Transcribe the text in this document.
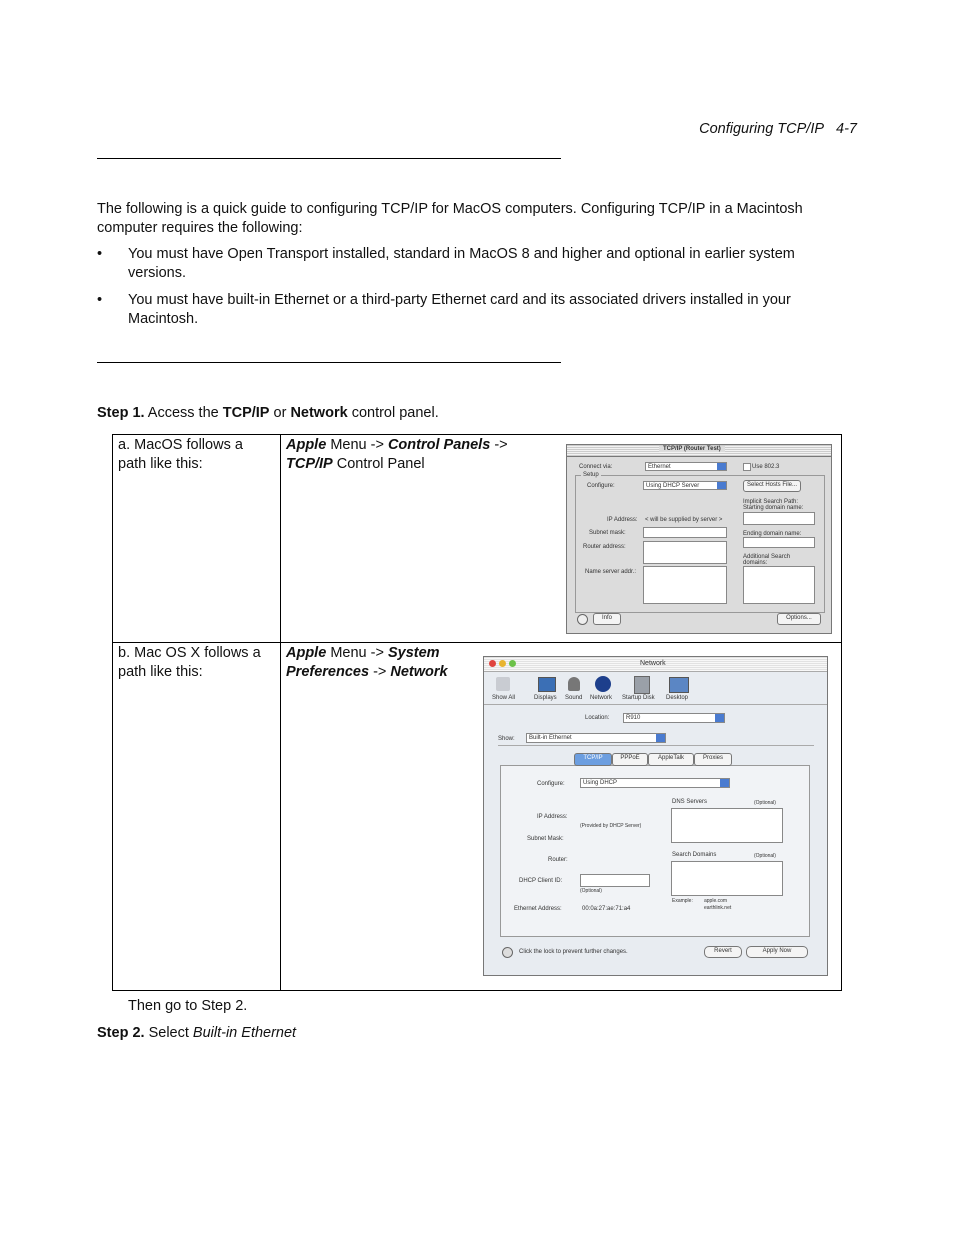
Configuring TCP/IP 4-7
The following is a quick guide to configuring TCP/IP for MacOS computers. Configuring TCP/IP in a Macintosh computer requires the following:
• You must have Open Transport installed, standard in MacOS 8 and higher and optional in earlier system versions.
• You must have built-in Ethernet or a third-party Ethernet card and its associated drivers installed in your Macintosh.
Step 1. Access the TCP/IP or Network control panel.
a. MacOS follows a path like this:	Apple Menu -> Control Panels ->
TCP/IP Control Panel

b. Mac OS X follows a path like this:	Apple Menu -> System
Preferences -> Network
TCP/IP (Router Test)
Connect via:	Ethernet	Use 802.3
Setup
Configure:	Using DHCP Server	Select Hosts File...
Implicit Search Path:
Starting domain name:
IP Address: < will be supplied by server >
Subnet mask:	Ending domain name:
Router address:
Additional Search domains:
Name server addr.:
Info	Options...
Network
Show All	Displays Sound Network Startup Disk Desktop
Location:	R910
Show:	Built-in Ethernet
TCP/IP	PPPoE	AppleTalk	Proxies
Configure:	Using DHCP
DNS Servers	(Optional)
IP Address:
(Provided by DHCP Server)
Subnet Mask:
Router:
Search Domains	(Optional)
DHCP Client ID:
(Optional)
Example: apple.com
earthlink.net
Ethernet Address:	00:0a:27:ae:71:a4
Click the lock to prevent further changes.	Revert	Apply Now
Then go to Step 2.
Step 2. Select Built-in Ethernet
